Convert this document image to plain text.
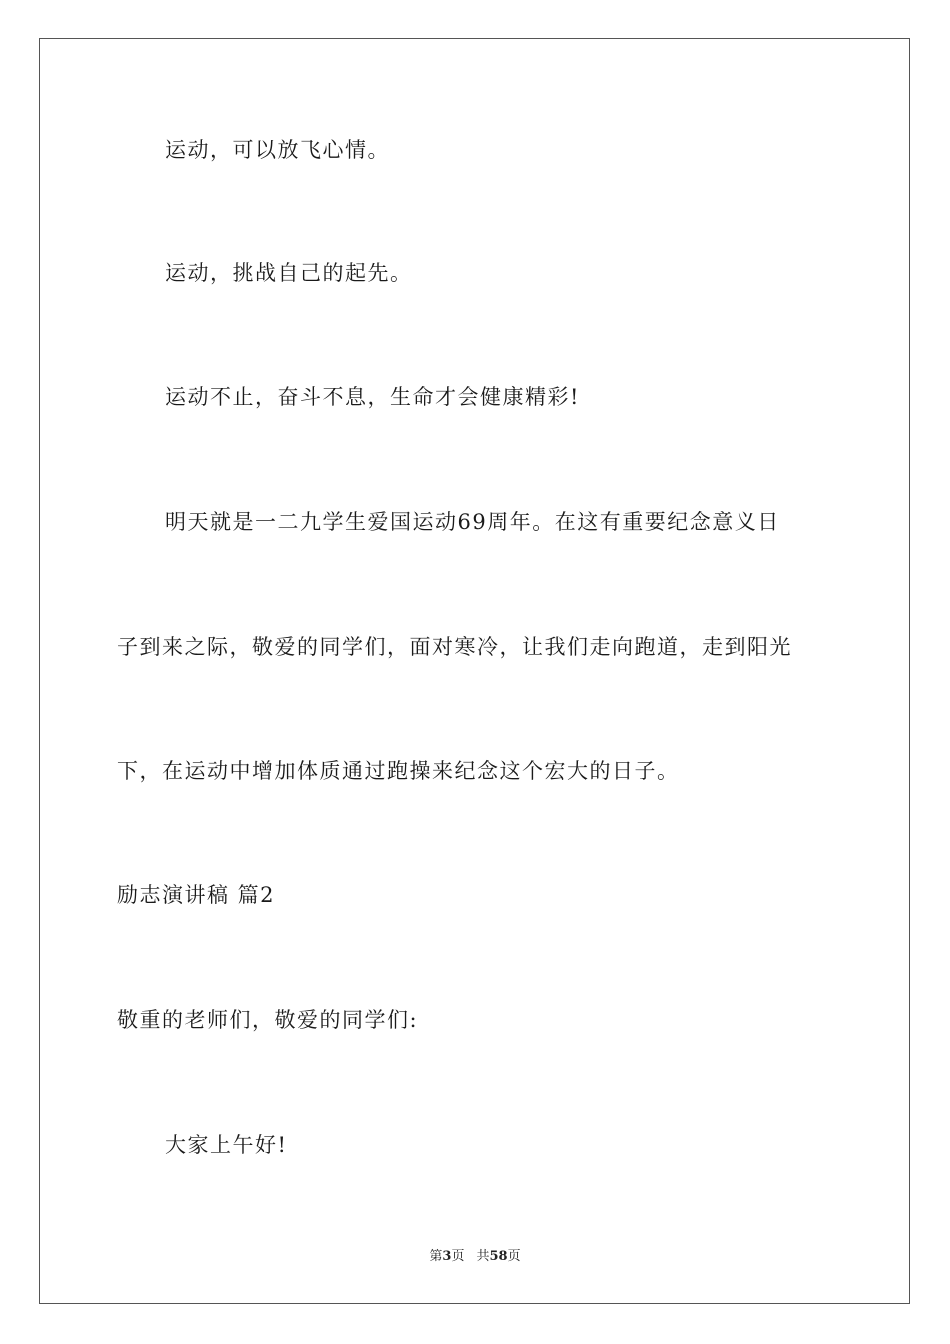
运动，可以放飞心情。
运动，挑战自己的起先。
运动不止，奋斗不息，生命才会健康精彩!
明天就是一二九学生爱国运动69周年。在这有重要纪念意义日
子到来之际，敬爱的同学们，面对寒冷，让我们走向跑道，走到阳光
下，在运动中增加体质通过跑操来纪念这个宏大的日子。
励志演讲稿 篇2
敬重的老师们，敬爱的同学们:
大家上午好!
第3页 共58页
